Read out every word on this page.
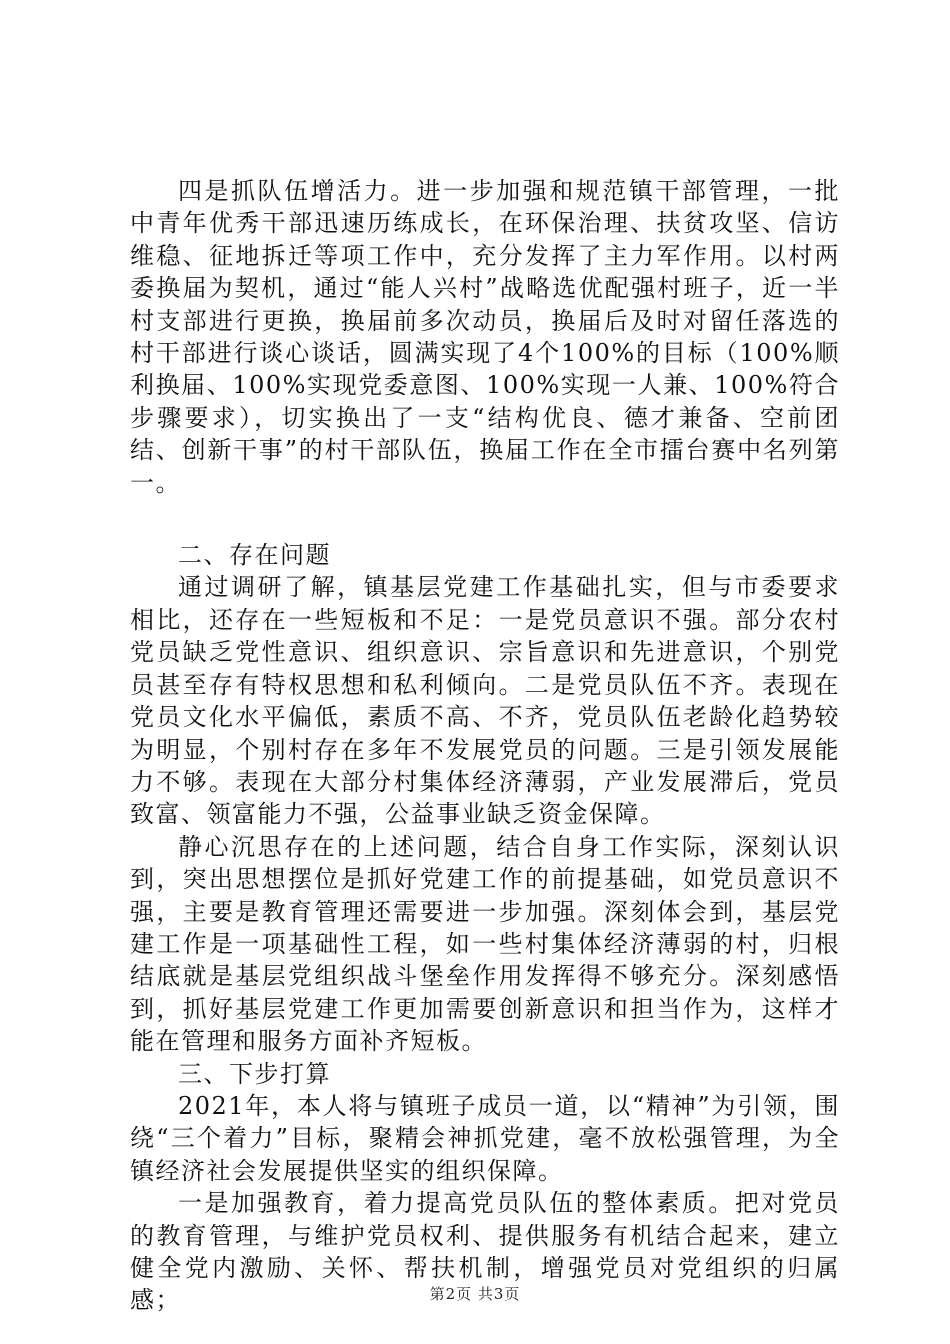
四是抓队伍增活力。进一步加强和规范镇干部管理，一批中青年优秀干部迅速历练成长，在环保治理、扶贫攻坚、信访维稳、征地拆迁等项工作中，充分发挥了主力军作用。以村两委换届为契机，通过“能人兴村”战略选优配强村班子，近一半村支部进行更换，换届前多次动员，换届后及时对留任落选的村干部进行谈心谈话，圆满实现了4个100%的目标（100%顺利换届、100%实现党委意图、100%实现一人兼、100%符合步骤要求），切实换出了一支“结构优良、德才兼备、空前团结、创新干事”的村干部队伍，换届工作在全市擂台赛中名列第一。

二、存在问题

通过调研了解，镇基层党建工作基础扎实，但与市委要求相比，还存在一些短板和不足：一是党员意识不强。部分农村党员缺乏党性意识、组织意识、宗旨意识和先进意识，个别党员甚至存有特权思想和私利倾向。二是党员队伍不齐。表现在党员文化水平偏低，素质不高、不齐，党员队伍老龄化趋势较为明显，个别村存在多年不发展党员的问题。三是引领发展能力不够。表现在大部分村集体经济薄弱，产业发展滞后，党员致富、领富能力不强，公益事业缺乏资金保障。

静心沉思存在的上述问题，结合自身工作实际，深刻认识到，突出思想摆位是抓好党建工作的前提基础，如党员意识不强，主要是教育管理还需要进一步加强。深刻体会到，基层党建工作是一项基础性工程，如一些村集体经济薄弱的村，归根结底就是基层党组织战斗堡垒作用发挥得不够充分。深刻感悟到，抓好基层党建工作更加需要创新意识和担当作为，这样才能在管理和服务方面补齐短板。

三、下步打算

2021年，本人将与镇班子成员一道，以“精神”为引领，围绕“三个着力”目标，聚精会神抓党建，毫不放松强管理，为全镇经济社会发展提供坚实的组织保障。

一是加强教育，着力提高党员队伍的整体素质。把对党员的教育管理，与维护党员权利、提供服务有机结合起来，建立健全党内激励、关怀、帮扶机制，增强党员对党组织的归属感；	第2页 共3页
